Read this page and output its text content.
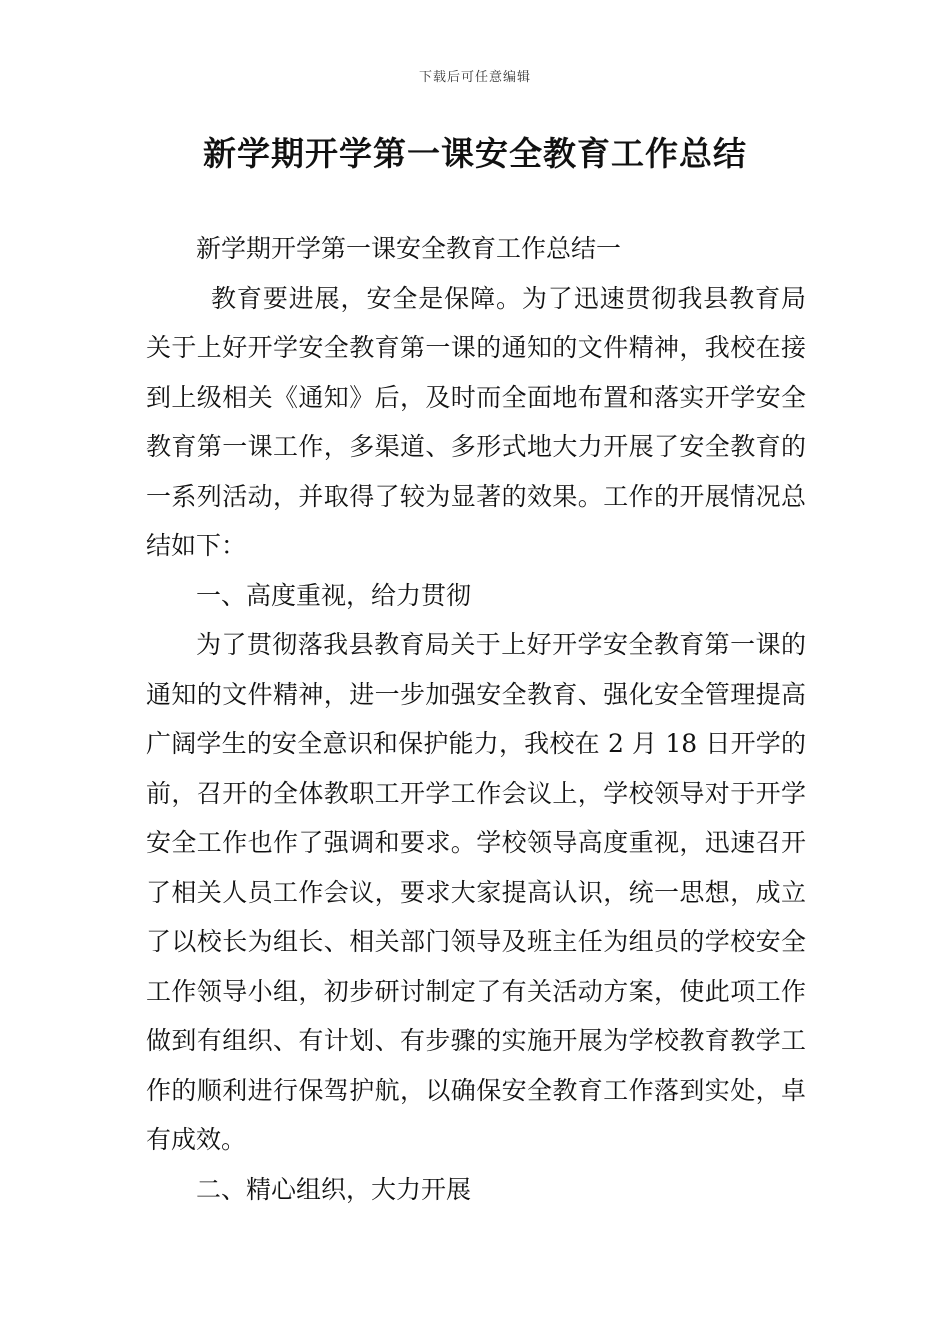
下载后可任意编辑
新学期开学第一课安全教育工作总结

新学期开学第一课安全教育工作总结一

教育要进展，安全是保障。为了迅速贯彻我县教育局关于上好开学安全教育第一课的通知的文件精神，我校在接到上级相关《通知》后，及时而全面地布置和落实开学安全教育第一课工作，多渠道、多形式地大力开展了安全教育的一系列活动，并取得了较为显著的效果。工作的开展情况总结如下：

一、高度重视，给力贯彻

为了贯彻落我县教育局关于上好开学安全教育第一课的通知的文件精神，进一步加强安全教育、强化安全管理提高广阔学生的安全意识和保护能力，我校在 2 月 18 日开学的前，召开的全体教职工开学工作会议上，学校领导对于开学安全工作也作了强调和要求。学校领导高度重视，迅速召开了相关人员工作会议，要求大家提高认识，统一思想，成立了以校长为组长、相关部门领导及班主任为组员的学校安全工作领导小组，初步研讨制定了有关活动方案，使此项工作做到有组织、有计划、有步骤的实施开展为学校教育教学工作的顺利进行保驾护航，以确保安全教育工作落到实处，卓有成效。

二、精心组织，大力开展
